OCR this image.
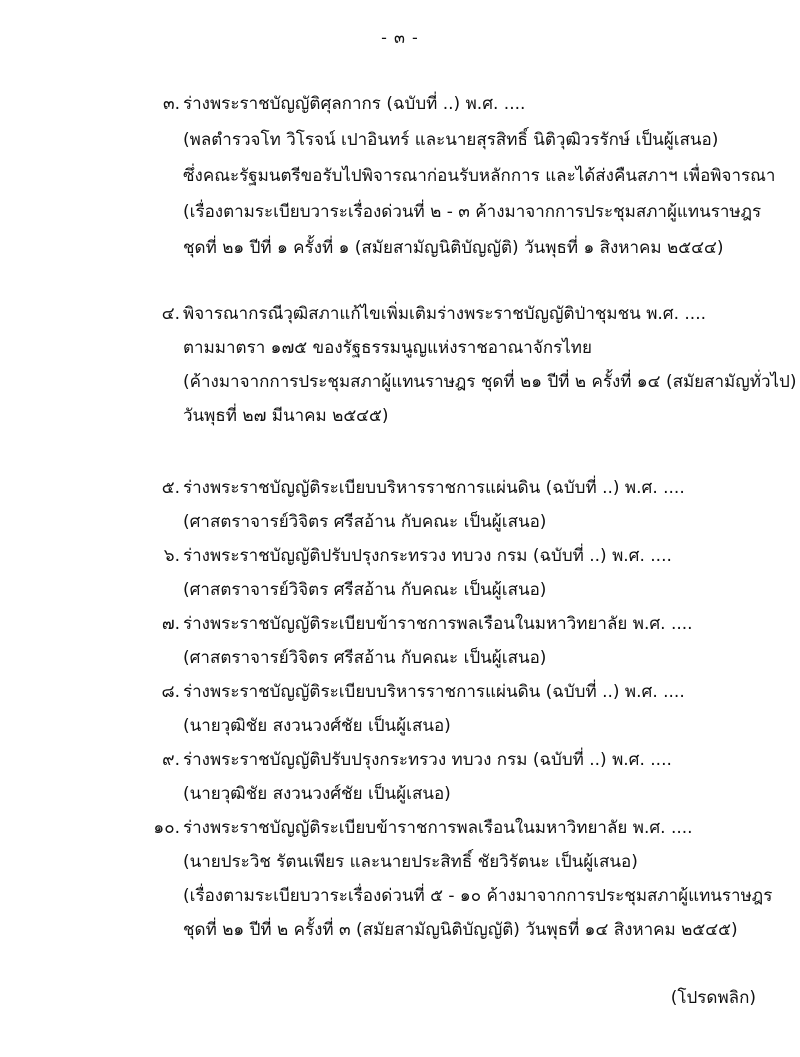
- ๓ -
๓. ร่างพระราชบัญญัติศุลกากร (ฉบับที่ ..) พ.ศ. ....
(พลตำรวจโท วิโรจน์ เปาอินทร์ และนายสุรสิทธิ์ นิติวุฒิวรรักษ์ เป็นผู้เสนอ)
ซึ่งคณะรัฐมนตรีขอรับไปพิจารณาก่อนรับหลักการ และได้ส่งคืนสภาฯ เพื่อพิจารณา
(เรื่องตามระเบียบวาระเรื่องด่วนที่ ๒ - ๓ ค้างมาจากการประชุมสภาผู้แทนราษฎร
ชุดที่ ๒๑ ปีที่ ๑ ครั้งที่ ๑ (สมัยสามัญนิติบัญญัติ) วันพุธที่ ๑ สิงหาคม ๒๕๔๔)
๔. พิจารณากรณีวุฒิสภาแก้ไขเพิ่มเติมร่างพระราชบัญญัติป่าชุมชน พ.ศ. ....
ตามมาตรา ๑๗๕ ของรัฐธรรมนูญแห่งราชอาณาจักรไทย
(ค้างมาจากการประชุมสภาผู้แทนราษฎร ชุดที่ ๒๑ ปีที่ ๒ ครั้งที่ ๑๔ (สมัยสามัญทั่วไป)
วันพุธที่ ๒๗ มีนาคม ๒๕๔๕)
๕. ร่างพระราชบัญญัติระเบียบบริหารราชการแผ่นดิน (ฉบับที่ ..) พ.ศ. ....
(ศาสตราจารย์วิจิตร ศรีสอ้าน กับคณะ เป็นผู้เสนอ)
๖. ร่างพระราชบัญญัติปรับปรุงกระทรวง ทบวง กรม (ฉบับที่ ..) พ.ศ. ....
(ศาสตราจารย์วิจิตร ศรีสอ้าน กับคณะ เป็นผู้เสนอ)
๗. ร่างพระราชบัญญัติระเบียบข้าราชการพลเรือนในมหาวิทยาลัย พ.ศ. ....
(ศาสตราจารย์วิจิตร ศรีสอ้าน กับคณะ เป็นผู้เสนอ)
๘. ร่างพระราชบัญญัติระเบียบบริหารราชการแผ่นดิน (ฉบับที่ ..) พ.ศ. ....
(นายวุฒิชัย สงวนวงศ์ชัย เป็นผู้เสนอ)
๙. ร่างพระราชบัญญัติปรับปรุงกระทรวง ทบวง กรม (ฉบับที่ ..) พ.ศ. ....
(นายวุฒิชัย สงวนวงศ์ชัย เป็นผู้เสนอ)
๑๐. ร่างพระราชบัญญัติระเบียบข้าราชการพลเรือนในมหาวิทยาลัย พ.ศ. ....
(นายประวิช รัตนเพียร และนายประสิทธิ์ ชัยวิรัตนะ เป็นผู้เสนอ)
(เรื่องตามระเบียบวาระเรื่องด่วนที่ ๕ - ๑๐ ค้างมาจากการประชุมสภาผู้แทนราษฎร
ชุดที่ ๒๑ ปีที่ ๒ ครั้งที่ ๓ (สมัยสามัญนิติบัญญัติ) วันพุธที่ ๑๔ สิงหาคม ๒๕๔๕)
(โปรดพลิก)
